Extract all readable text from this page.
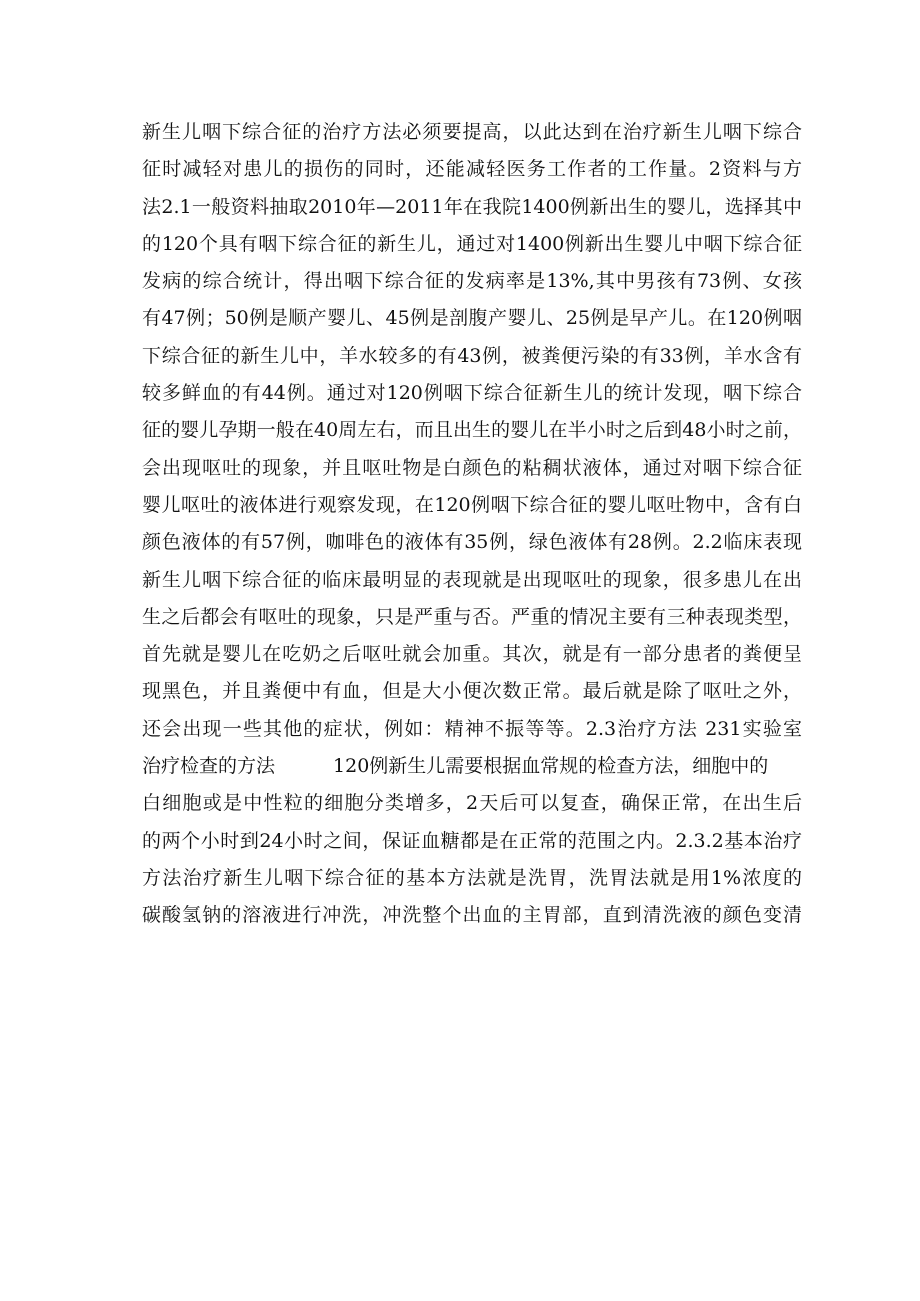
新生儿咽下综合征的治疗方法必须要提高，以此达到在治疗新生儿咽下综合
征时减轻对患儿的损伤的同时，还能减轻医务工作者的工作量。2资料与方
法2.1一般资料抽取2010年—2011年在我院1400例新出生的婴儿，选择其中
的120个具有咽下综合征的新生儿，通过对1400例新出生婴儿中咽下综合征
发病的综合统计，得出咽下综合征的发病率是13%,其中男孩有73例、女孩
有47例；50例是顺产婴儿、45例是剖腹产婴儿、25例是早产儿。在120例咽
下综合征的新生儿中，羊水较多的有43例，被粪便污染的有33例，羊水含有
较多鲜血的有44例。通过对120例咽下综合征新生儿的统计发现，咽下综合
征的婴儿孕期一般在40周左右，而且出生的婴儿在半小时之后到48小时之前，
会出现呕吐的现象，并且呕吐物是白颜色的粘稠状液体，通过对咽下综合征
婴儿呕吐的液体进行观察发现，在120例咽下综合征的婴儿呕吐物中，含有白
颜色液体的有57例，咖啡色的液体有35例，绿色液体有28例。2.2临床表现
新生儿咽下综合征的临床最明显的表现就是出现呕吐的现象，很多患儿在出
生之后都会有呕吐的现象，只是严重与否。严重的情况主要有三种表现类型，
首先就是婴儿在吃奶之后呕吐就会加重。其次，就是有一部分患者的粪便呈
现黑色，并且粪便中有血，但是大小便次数正常。最后就是除了呕吐之外，
还会出现一些其他的症状，例如：精神不振等等。2.3治疗方法 231实验室
治疗检查的方法	120例新生儿需要根据血常规的检查方法，细胞中的
白细胞或是中性粒的细胞分类增多，2天后可以复查，确保正常，在出生后
的两个小时到24小时之间，保证血糖都是在正常的范围之内。2.3.2基本治疗
方法治疗新生儿咽下综合征的基本方法就是洗胃，洗胃法就是用1%浓度的
碳酸氢钠的溶液进行冲洗，冲洗整个出血的主胃部，直到清洗液的颜色变清
